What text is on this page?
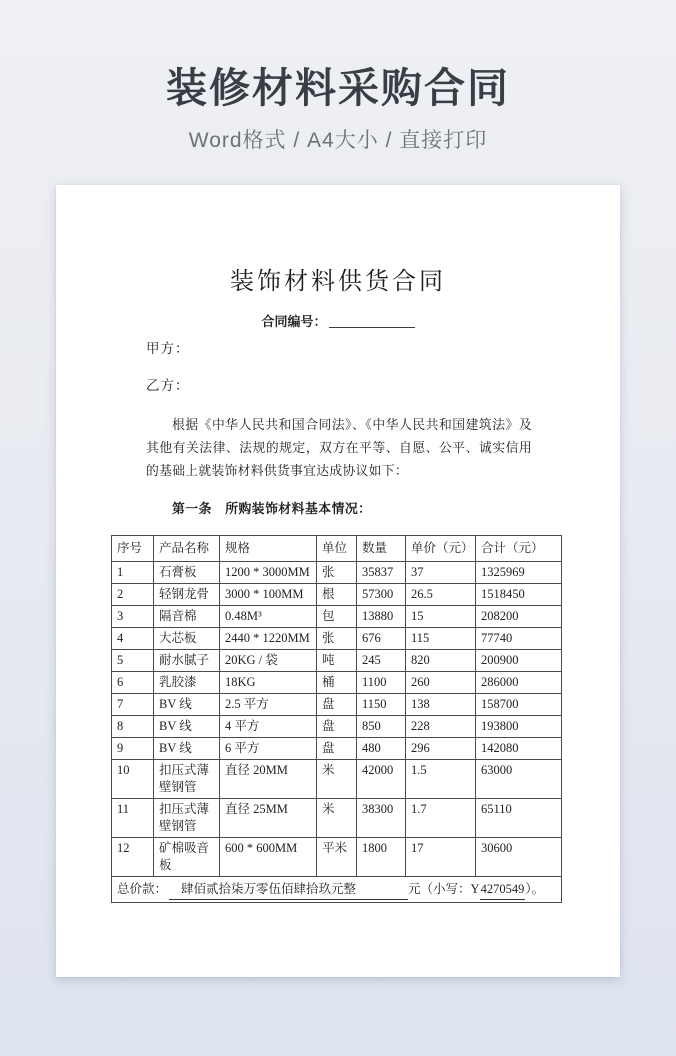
装修材料采购合同
Word格式 / A4大小 / 直接打印
装饰材料供货合同
合同编号：
甲方：
乙方：
根据《中华人民共和国合同法》、《中华人民共和国建筑法》及其他有关法律、法规的规定，双方在平等、自愿、公平、诚实信用的基础上就装饰材料供货事宜达成协议如下：
第一条　所购装饰材料基本情况：
序号	产品名称	规格	单位	数量	单价（元）	合计（元）
1	石膏板	1200 * 3000MM	张	35837	37	1325969
2	轻钢龙骨	3000 * 100MM	根	57300	26.5	1518450
3	隔音棉	0.48M³	包	13880	15	208200
4	大芯板	2440 * 1220MM	张	676	115	77740
5	耐水腻子	20KG / 袋	吨	245	820	200900
6	乳胶漆	18KG	桶	1100	260	286000
7	BV 线	2.5 平方	盘	1150	138	158700
8	BV 线	4 平方	盘	850	228	193800
9	BV 线	6 平方	盘	480	296	142080
10	扣压式薄壁钢管	直径 20MM	米	42000	1.5	63000
11	扣压式薄壁钢管	直径 25MM	米	38300	1.7	65110
12	矿棉吸音板	600 * 600MM	平米	1800	17	30600
总价款： 肆佰贰拾柒万零伍佰肆拾玖元整 元（小写：Y4270549）。						
